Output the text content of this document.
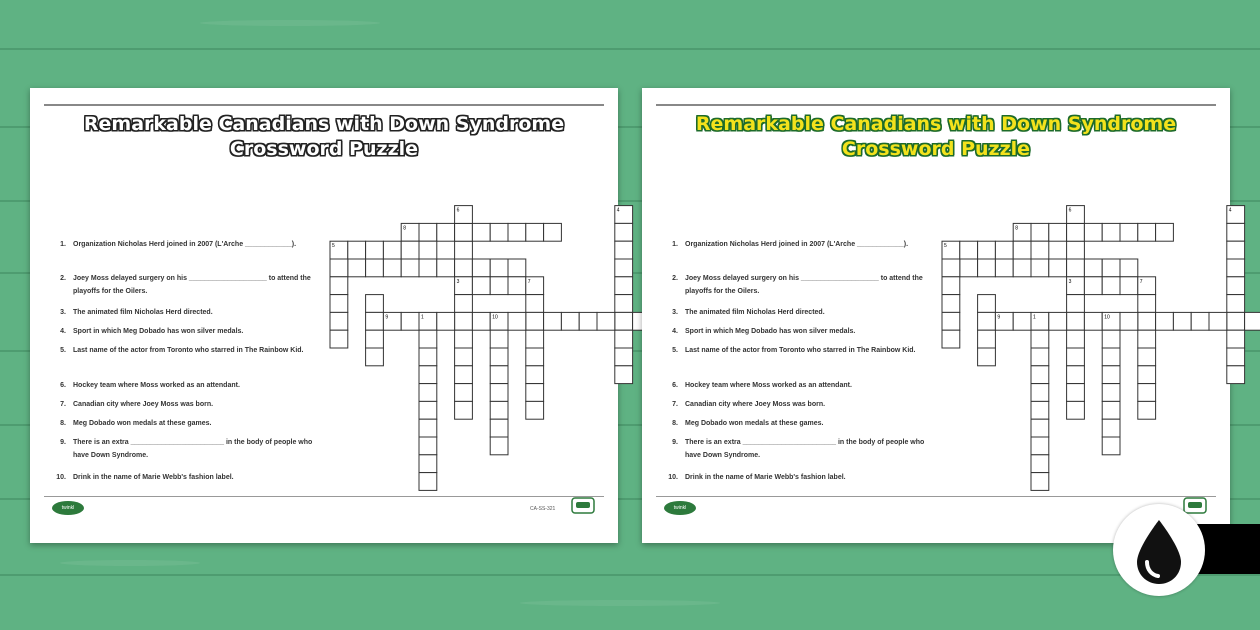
Remarkable Canadians with Down Syndrome
Crossword Puzzle
1. Organization Nicholas Herd joined in 2007 (L'Arche ____________).
2. Joey Moss delayed surgery on his ____________________ to attend the playoffs for the Oilers.
3. The animated film Nicholas Herd directed.
4. Sport in which Meg Dobado has won silver medals.
5. Last name of the actor from Toronto who starred in The Rainbow Kid.
6. Hockey team where Moss worked as an attendant.
7. Canadian city where Joey Moss was born.
8. Meg Dobado won medals at these games.
9. There is an extra ________________________ in the body of people who have Down Syndrome.
10. Drink in the name of Marie Webb's fashion label.
3
8
6	4
5
7
9	1	10
twinkl	CA-SS-321
Remarkable Canadians with Down Syndrome
Crossword Puzzle
1. Organization Nicholas Herd joined in 2007 (L'Arche ____________).
2. Joey Moss delayed surgery on his ____________________ to attend the playoffs for the Oilers.
3. The animated film Nicholas Herd directed.
4. Sport in which Meg Dobado has won silver medals.
5. Last name of the actor from Toronto who starred in The Rainbow Kid.
6. Hockey team where Moss worked as an attendant.
7. Canadian city where Joey Moss was born.
8. Meg Dobado won medals at these games.
9. There is an extra ________________________ in the body of people who have Down Syndrome.
10. Drink in the name of Marie Webb's fashion label.
3
8
6	4
5
7
9	1	10
twinkl
